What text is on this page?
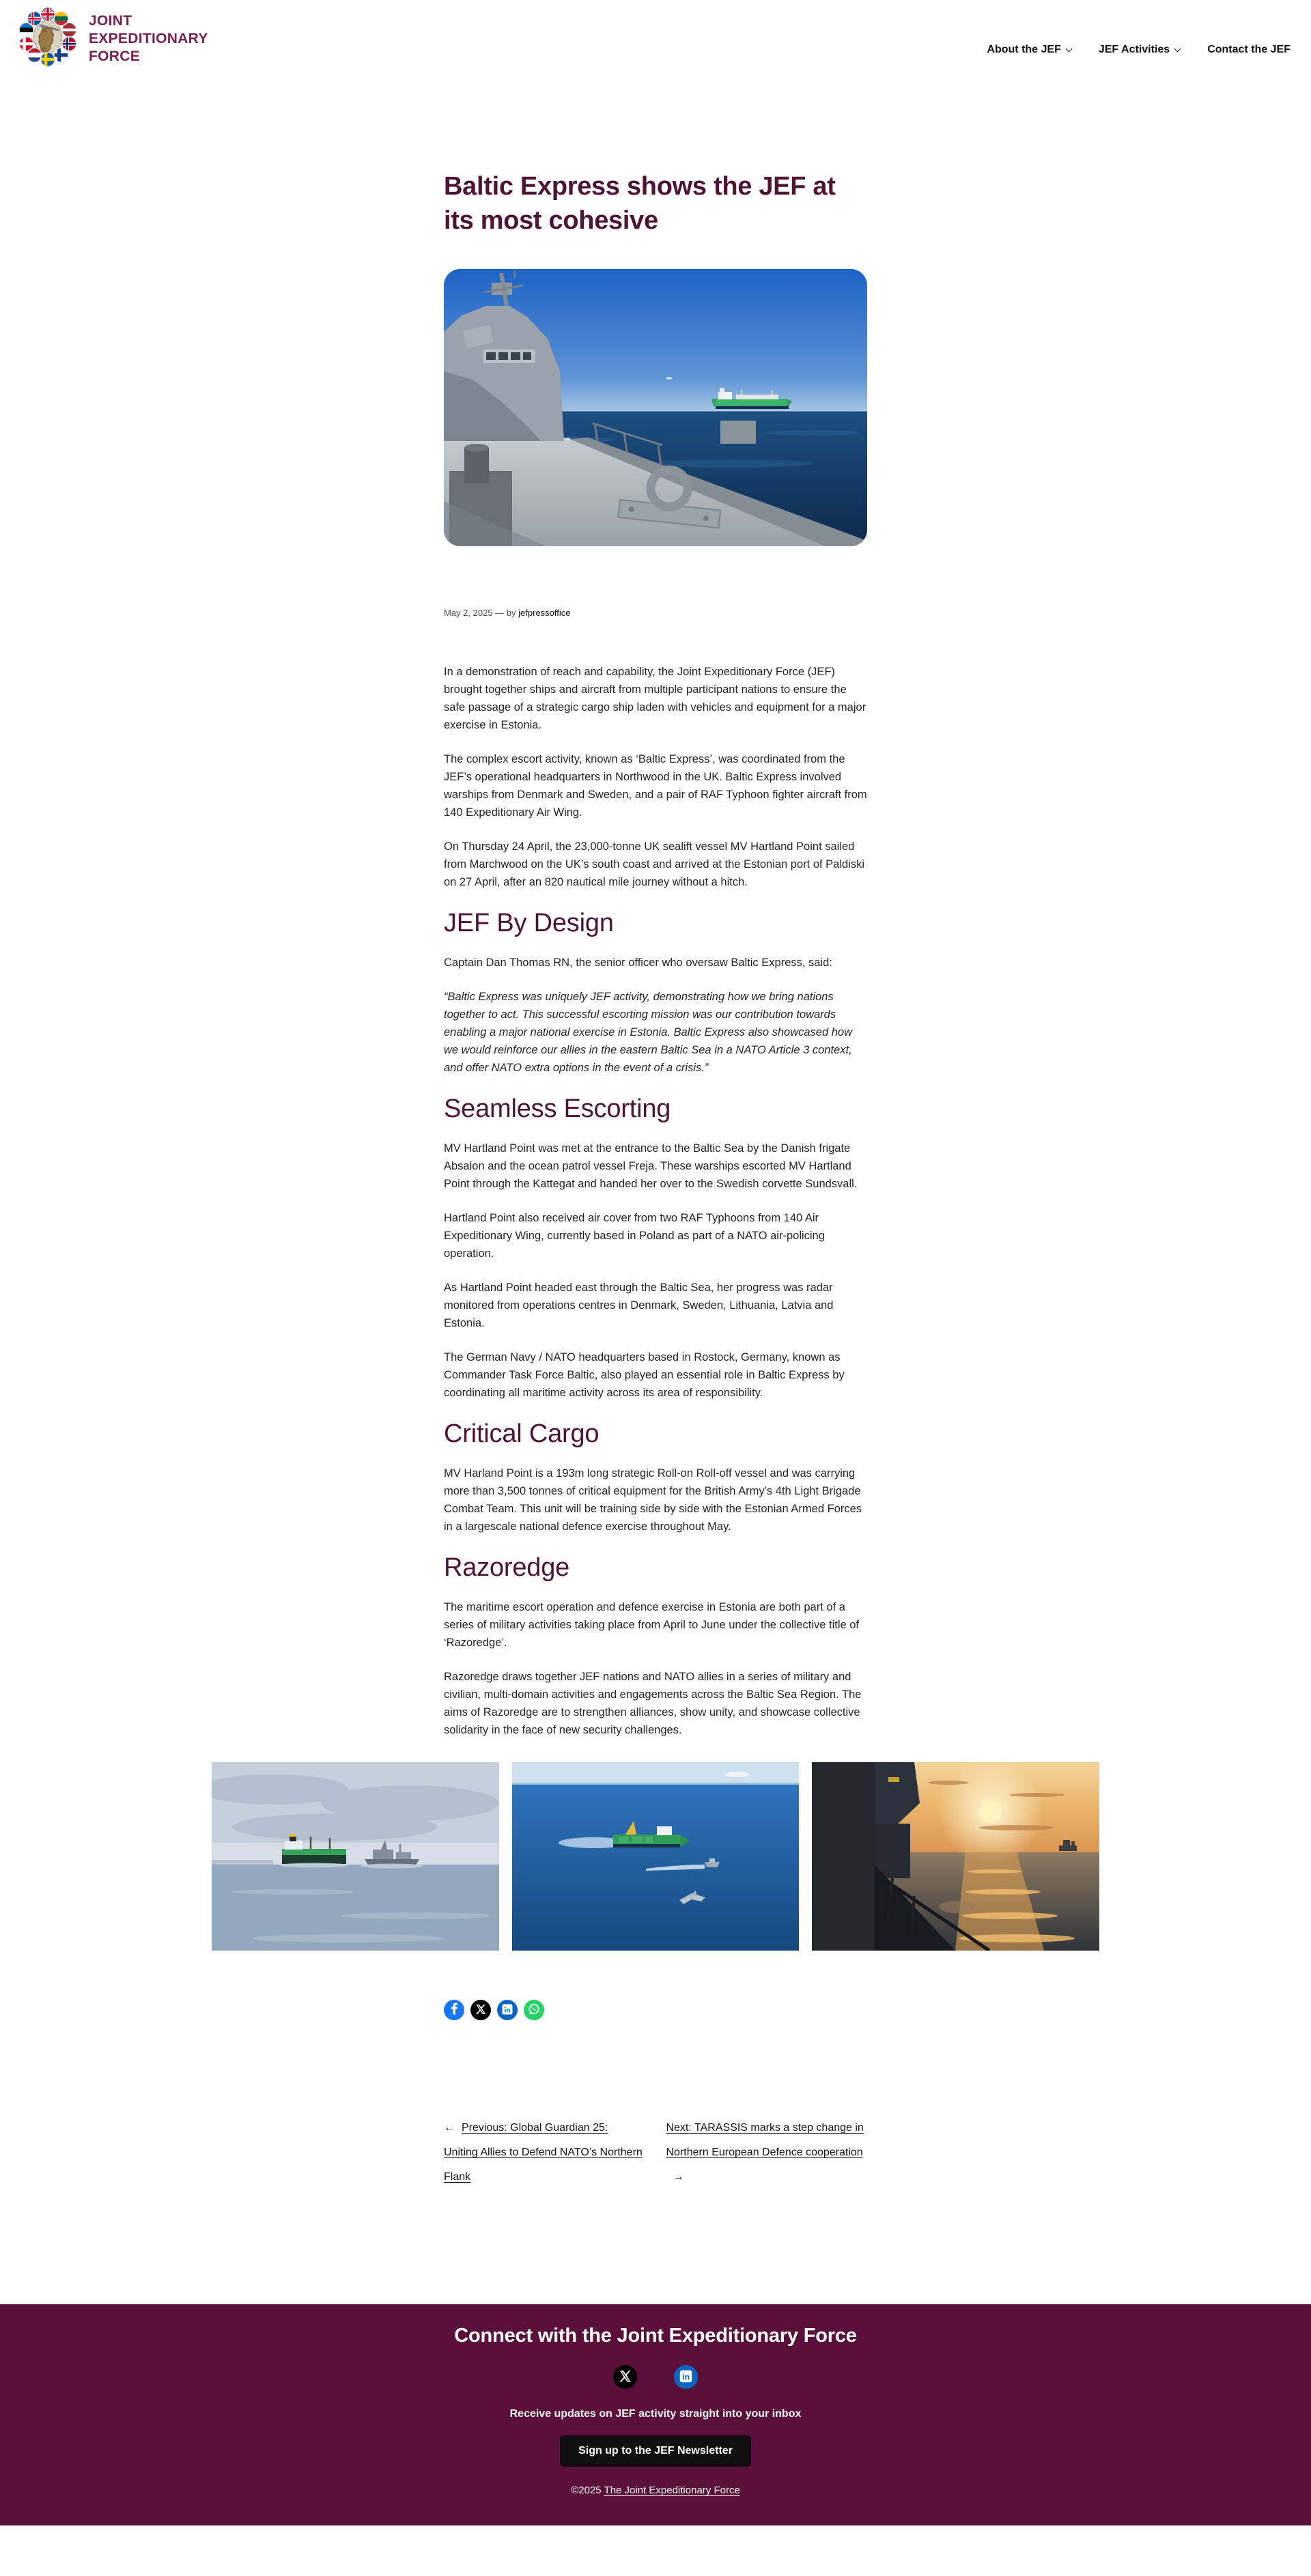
JOINT
EXPEDITIONARY
FORCE	About the JEF	JEF Activities	Contact the JEF
Baltic Express shows the JEF at its most cohesive

May 2, 2025 — by jefpressoffice

In a demonstration of reach and capability, the Joint Expeditionary Force (JEF) brought together ships and aircraft from multiple participant nations to ensure the safe passage of a strategic cargo ship laden with vehicles and equipment for a major exercise in Estonia.

The complex escort activity, known as ‘Baltic Express’, was coordinated from the JEF’s operational headquarters in Northwood in the UK. Baltic Express involved warships from Denmark and Sweden, and a pair of RAF Typhoon fighter aircraft from 140 Expeditionary Air Wing.

On Thursday 24 April, the 23,000-tonne UK sealift vessel MV Hartland Point sailed from Marchwood on the UK’s south coast and arrived at the Estonian port of Paldiski on 27 April, after an 820 nautical mile journey without a hitch.

JEF By Design

Captain Dan Thomas RN, the senior officer who oversaw Baltic Express, said:

“Baltic Express was uniquely JEF activity, demonstrating how we bring nations together to act. This successful escorting mission was our contribution towards enabling a major national exercise in Estonia. Baltic Express also showcased how we would reinforce our allies in the eastern Baltic Sea in a NATO Article 3 context, and offer NATO extra options in the event of a crisis.”

Seamless Escorting

MV Hartland Point was met at the entrance to the Baltic Sea by the Danish frigate Absalon and the ocean patrol vessel Freja. These warships escorted MV Hartland Point through the Kattegat and handed her over to the Swedish corvette Sundsvall.

Hartland Point also received air cover from two RAF Typhoons from 140 Air Expeditionary Wing, currently based in Poland as part of a NATO air-policing operation.

As Hartland Point headed east through the Baltic Sea, her progress was radar monitored from operations centres in Denmark, Sweden, Lithuania, Latvia and Estonia.

The German Navy / NATO headquarters based in Rostock, Germany, known as Commander Task Force Baltic, also played an essential role in Baltic Express by coordinating all maritime activity across its area of responsibility.

Critical Cargo

MV Harland Point is a 193m long strategic Roll-on Roll-off vessel and was carrying more than 3,500 tonnes of critical equipment for the British Army’s 4th Light Brigade Combat Team. This unit will be training side by side with the Estonian Armed Forces in a largescale national defence exercise throughout May.

Razoredge

The maritime escort operation and defence exercise in Estonia are both part of a series of military activities taking place from April to June under the collective title of ‘Razoredge’.

Razoredge draws together JEF nations and NATO allies in a series of military and civilian, multi-domain activities and engagements across the Baltic Sea Region. The aims of Razoredge are to strengthen alliances, show unity, and showcase collective solidarity in the face of new security challenges.

in
← Previous: Global Guardian 25: Uniting Allies to Defend NATO’s Northern Flank
Next: TARASSIS marks a step change in Northern European Defence cooperation→
Connect with the Joint Expeditionary Force
in

Receive updates on JEF activity straight into your inbox

Sign up to the JEF Newsletter

©2025 The Joint Expeditionary Force
